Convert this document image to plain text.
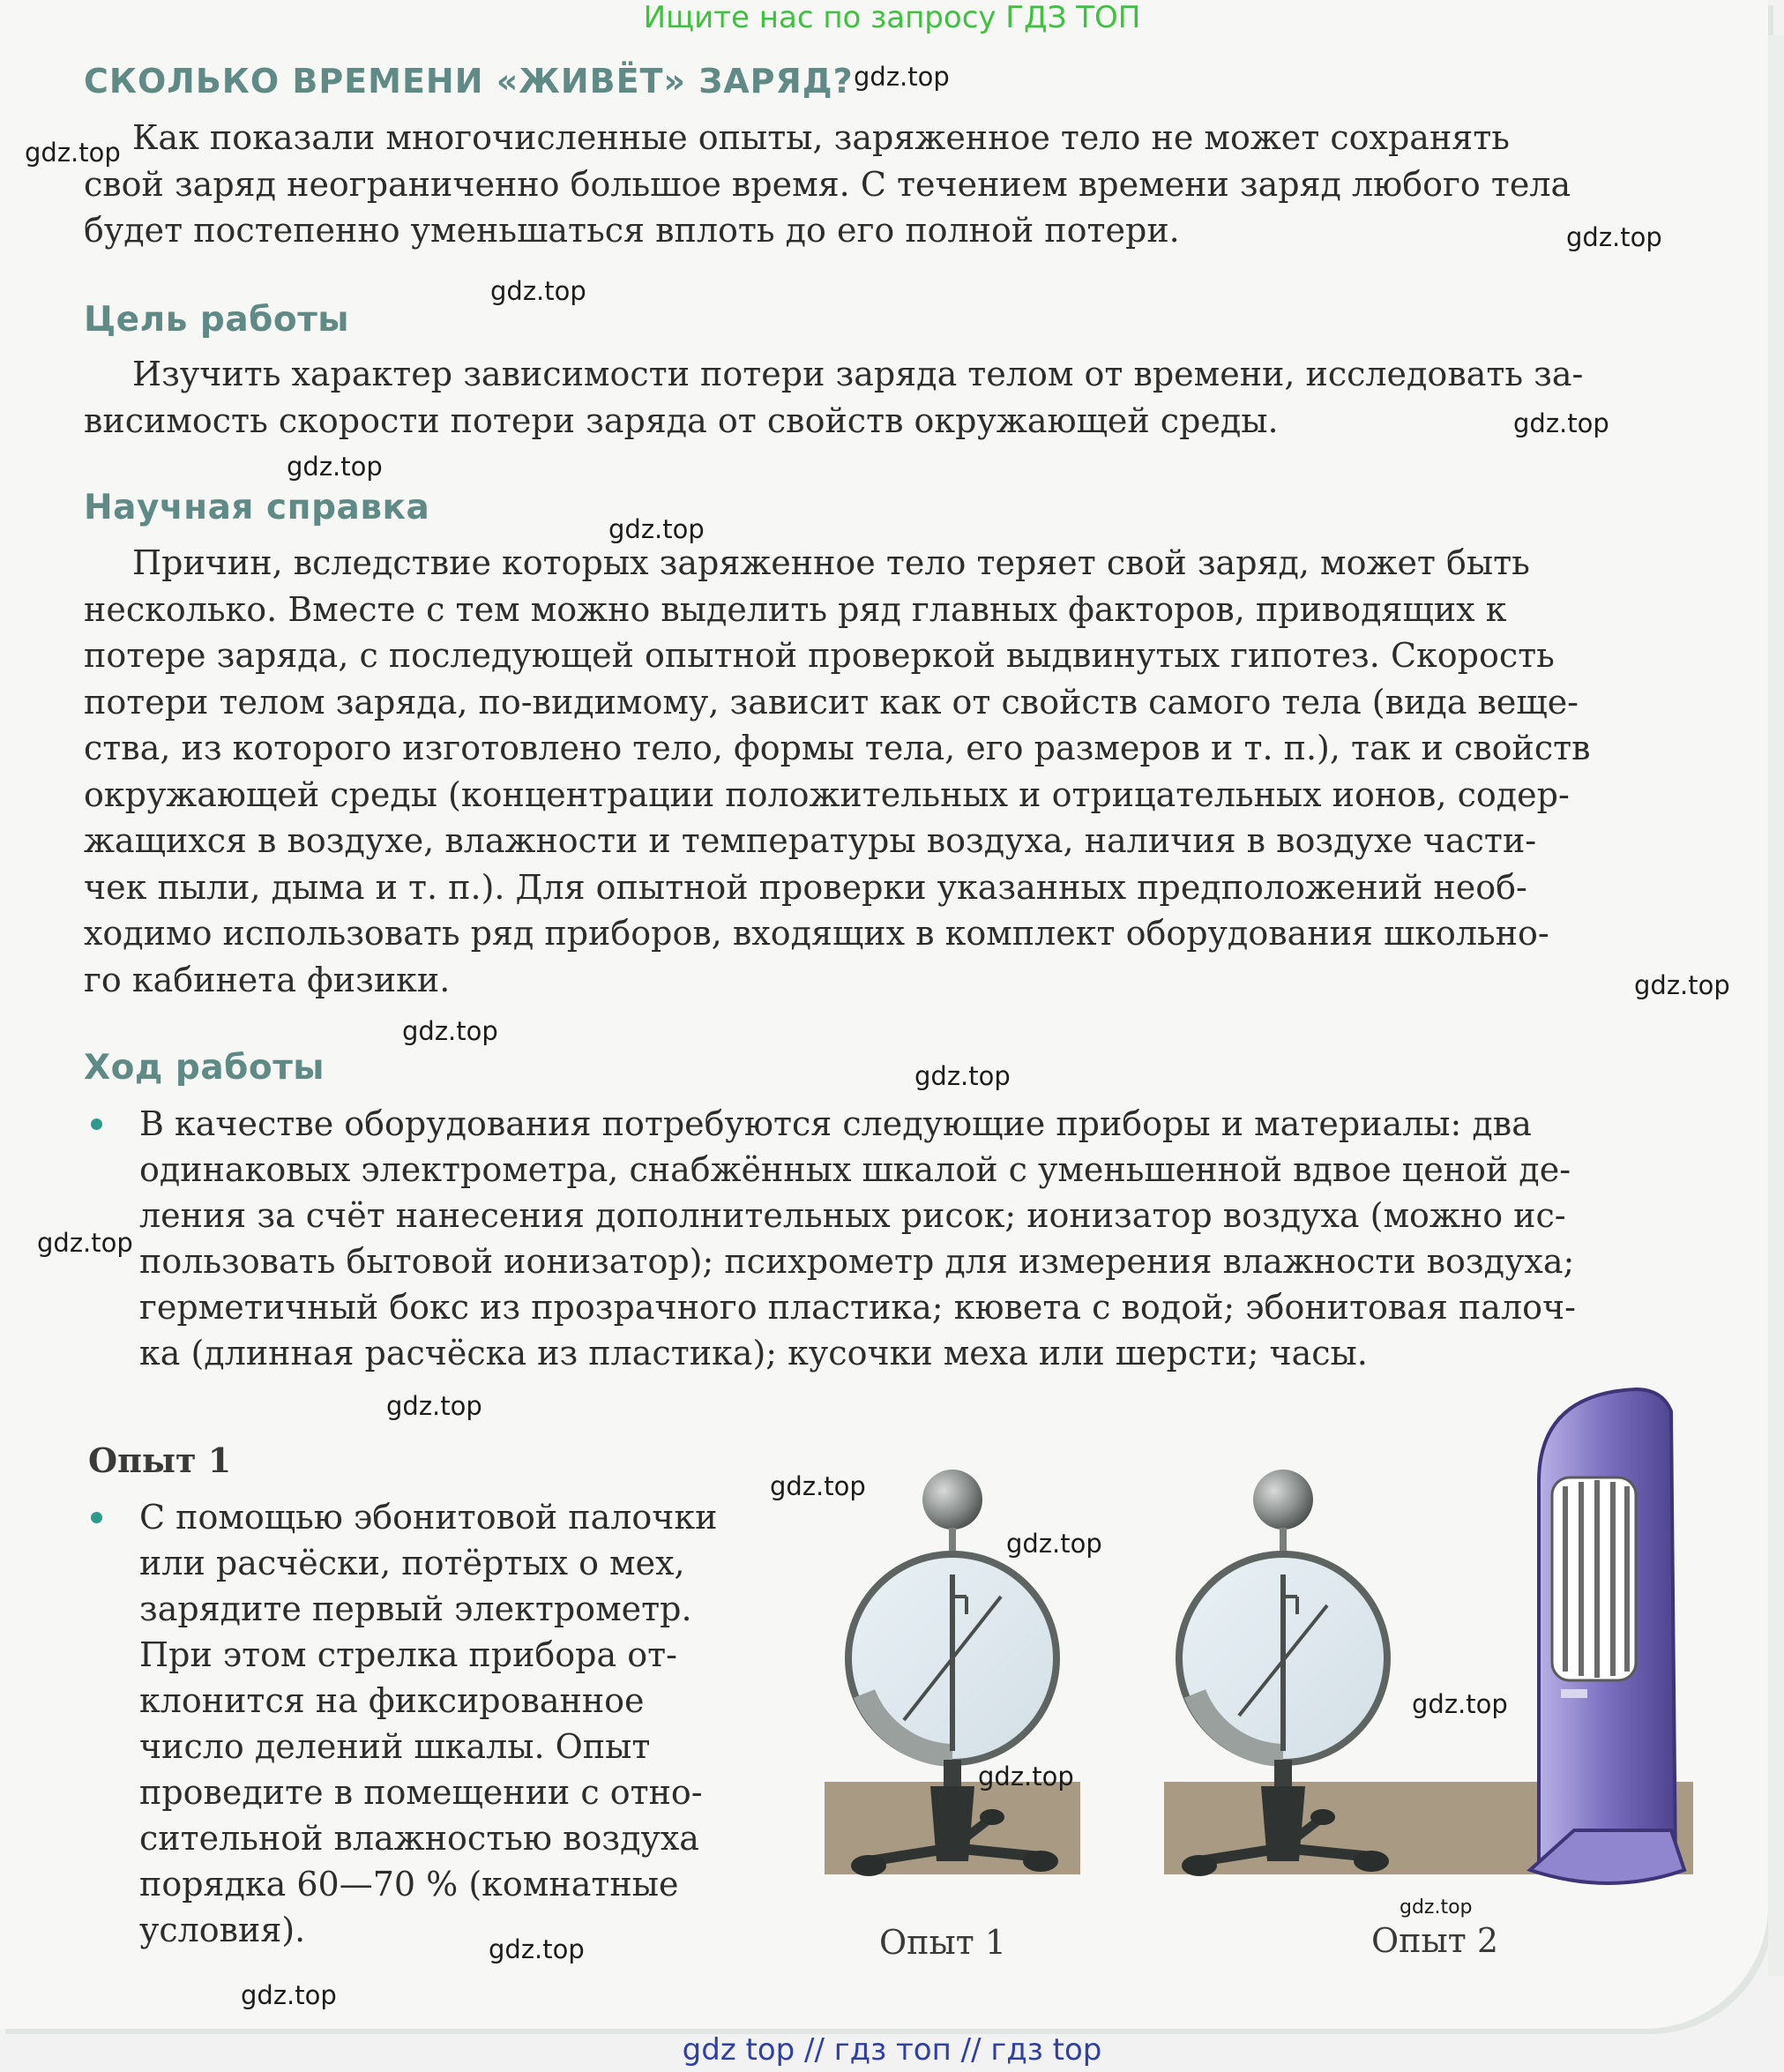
Ищите нас по запросу ГДЗ ТОП
СКОЛЬКО ВРЕМЕНИ «ЖИВЁТ» ЗАРЯД?
Как показали многочисленные опыты, заряженное тело не может сохранять
свой заряд неограниченно большое время. С течением времени заряд любого тела
будет постепенно уменьшаться вплоть до его полной потери.
Цель работы
Изучить характер зависимости потери заряда телом от времени, исследовать за-
висимость скорости потери заряда от свойств окружающей среды.
Научная справка
Причин, вследствие которых заряженное тело теряет свой заряд, может быть
несколько. Вместе с тем можно выделить ряд главных факторов, приводящих к
потере заряда, с последующей опытной проверкой выдвинутых гипотез. Скорость
потери телом заряда, по-видимому, зависит как от свойств самого тела (вида веще-
ства, из которого изготовлено тело, формы тела, его размеров и т. п.), так и свойств
окружающей среды (концентрации положительных и отрицательных ионов, содер-
жащихся в воздухе, влажности и температуры воздуха, наличия в воздухе части-
чек пыли, дыма и т. п.). Для опытной проверки указанных предположений необ-
ходимо использовать ряд приборов, входящих в комплект оборудования школьно-
го кабинета физики.
Ход работы
В качестве оборудования потребуются следующие приборы и материалы: два
одинаковых электрометра, снабжённых шкалой с уменьшенной вдвое ценой де-
ления за счёт нанесения дополнительных рисок; ионизатор воздуха (можно ис-
пользовать бытовой ионизатор); психрометр для измерения влажности воздуха;
герметичный бокс из прозрачного пластика; кювета с водой; эбонитовая палоч-
ка (длинная расчёска из пластика); кусочки меха или шерсти; часы.
Опыт 1
С помощью эбонитовой палочки
или расчёски, потёртых о мех,
зарядите первый электрометр.
При этом стрелка прибора от-
клонится на фиксированное
число делений шкалы. Опыт
проведите в помещении с отно-
сительной влажностью воздуха
порядка 60—70 % (комнатные
условия).	Опыт 1	Опыт 2
gdz.top
gdz.top
gdz.top
gdz.top
gdz.top
gdz.top
gdz.top
gdz.top
gdz.top
gdz.top
gdz.top
gdz.top
gdz.top
gdz.top
gdz.top
gdz.top
gdz.top
gdz.top
gdz.top
gdz top // гдз топ // гдз top
